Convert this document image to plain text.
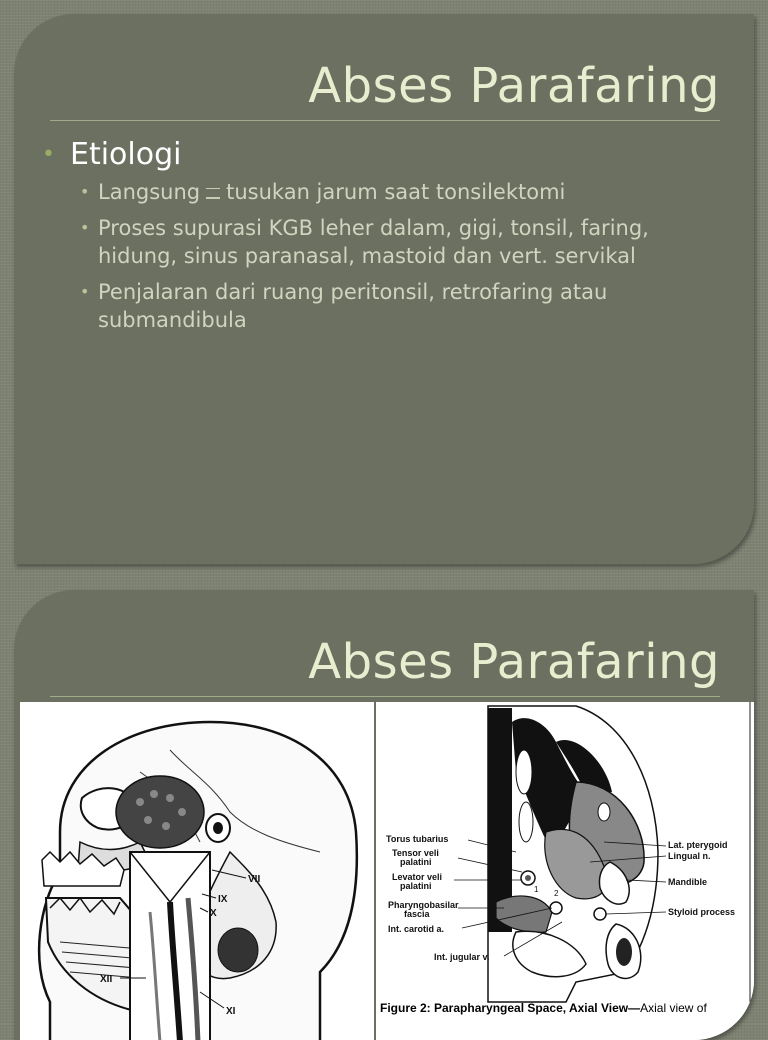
Abses Parafaring
• Etiologi
• Langsung tusukan jarum saat tonsilektomi
• Proses supurasi KGB leher dalam, gigi, tonsil, faring, hidung, sinus paranasal, mastoid dan vert. servikal
• Penjalaran dari ruang peritonsil, retrofaring atau submandibula
Abses Parafaring
VII
IX
X
XII
XI
1 2
Torus tubarius
Tensor veli
palatini
Levator veli
palatini
Pharyngobasilar
fascia
Int. carotid a.
Int. jugular v.
Lat. pterygoid
Lingual n.
Mandible
Styloid process
Figure 2: Parapharyngeal Space, Axial View—Axial view of
